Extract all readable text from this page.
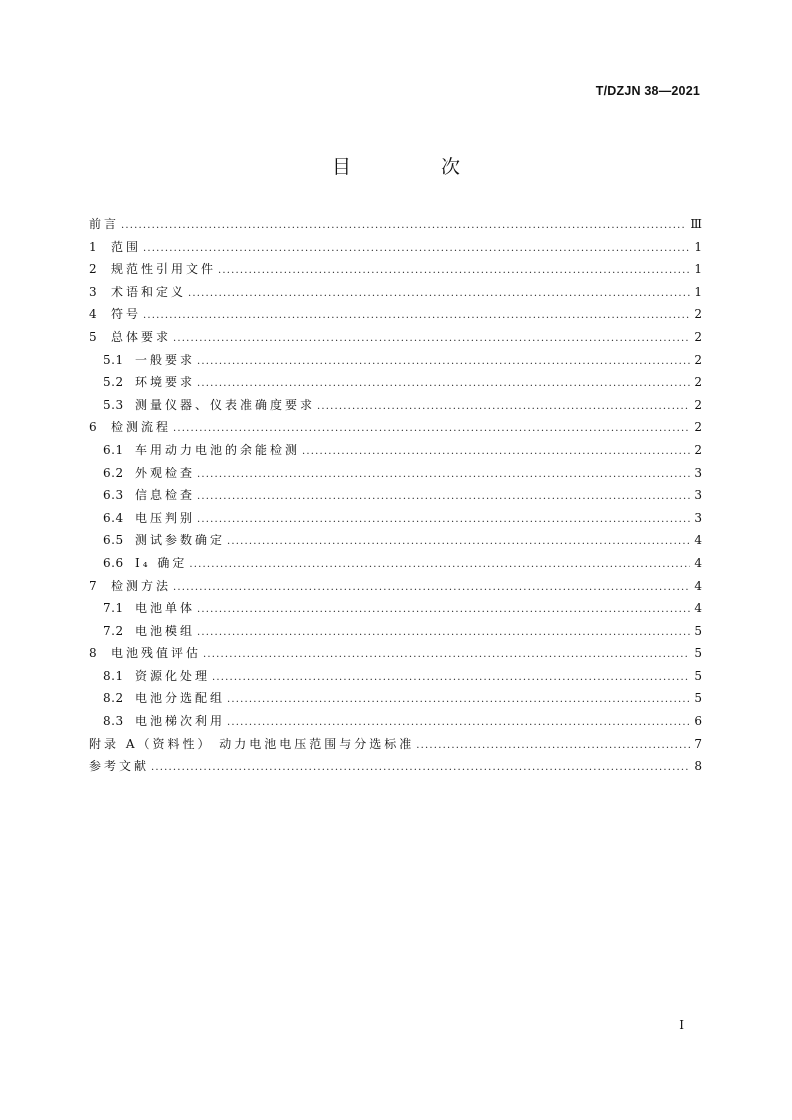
T/DZJN 38—2021
目 次
前言 .....	Ⅲ
1	范围 .....	1
2	规范性引用文件 .....	1
3	术语和定义 .....	1
4	符号 .....	2
5	总体要求 .....	2
5.1 一般要求 .....	2
5.2 环境要求 .....	2
5.3 测量仪器、仪表准确度要求 .....	2
6	检测流程 .....	2
6.1 车用动力电池的余能检测 .....	2
6.2 外观检查 .....	3
6.3 信息检查 .....	3
6.4 电压判别 .....	3
6.5 测试参数确定 .....	4
6.6 I₄ 确定 .....	4
7	检测方法 .....	4
7.1 电池单体 .....	4
7.2 电池模组 .....	5
8	电池残值评估 .....	5
8.1 资源化处理 .....	5
8.2 电池分选配组 .....	5
8.3 电池梯次利用 .....	6
附录 A（资料性） 动力电池电压范围与分选标准 .....	7
参考文献 .....	8
I
